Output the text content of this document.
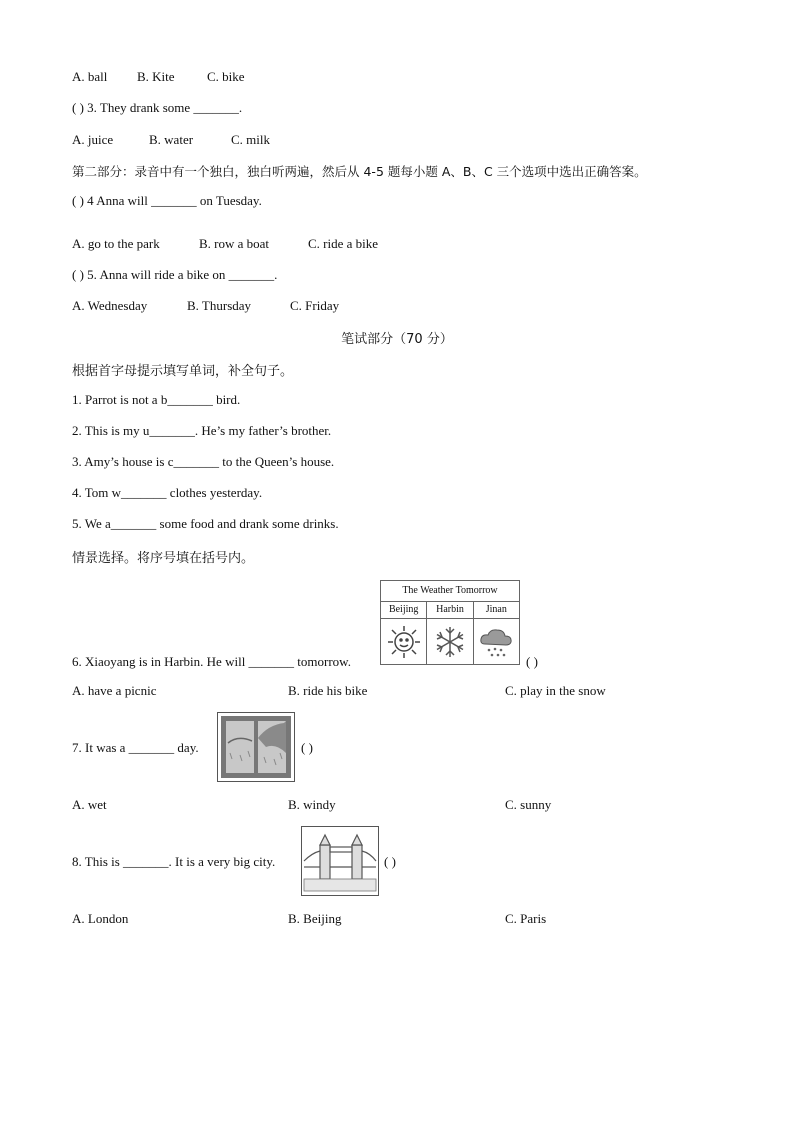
A. ball B. Kite C. bike
( ) 3. They drank some _______.
A. juice	B. water	C. milk
第二部分：录音中有一个独白，独白听两遍，然后从 4-5 题每小题 A、B、C 三个选项中选出正确答案。
( ) 4 Anna will _______ on Tuesday.
A. go to the park	B. row a boat	C. ride a bike
( ) 5. Anna will ride a bike on _______.
A. Wednesday	B. Thursday	C. Friday
笔试部分（70 分）
根据首字母提示填写单词，补全句子。
1. Parrot is not a b_______ bird.
2. This is my u_______. He’s my father’s brother.
3. Amy’s house is c_______ to the Queen’s house.
4. Tom w_______ clothes yesterday.
5. We a_______ some food and drank some drinks.
情景选择。将序号填在括号内。
6. Xiaoyang is in Harbin. He will _______ tomorrow.
The Weather Tomorrow
Beijing	Harbin	Jinan
( )
A. have a picnic	B. ride his bike	C. play in the snow
7. It was a _______ day.	( )
A. wet	B. windy	C. sunny
8. This is _______. It is a very big city.	( )
A. London	B. Beijing	C. Paris
